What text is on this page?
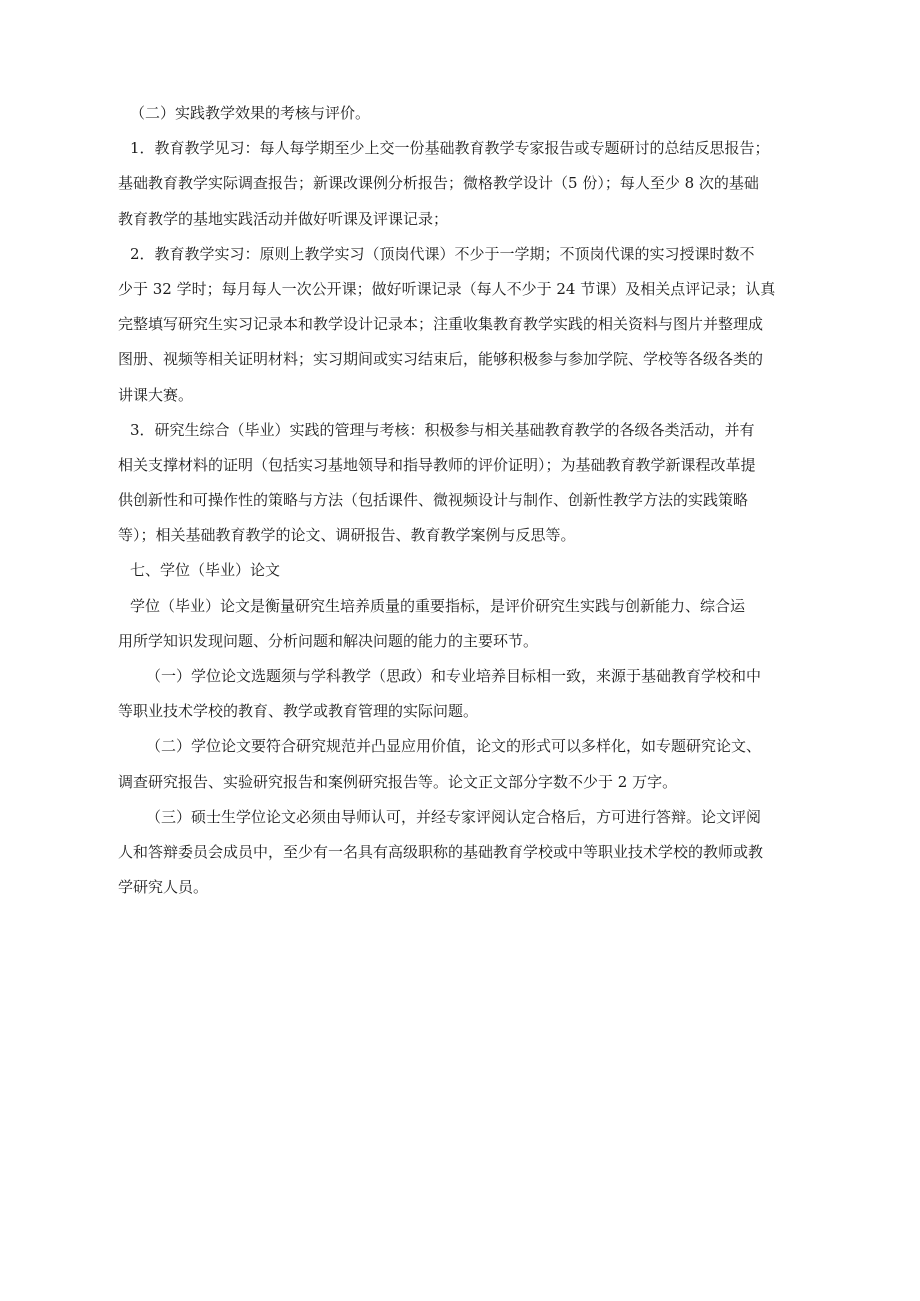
（二）实践教学效果的考核与评价。
1．教育教学见习：每人每学期至少上交一份基础教育教学专家报告或专题研讨的总结反思报告；
基础教育教学实际调查报告；新课改课例分析报告；微格教学设计（5 份）；每人至少 8 次的基础
教育教学的基地实践活动并做好听课及评课记录；
2．教育教学实习：原则上教学实习（顶岗代课）不少于一学期；不顶岗代课的实习授课时数不
少于 32 学时；每月每人一次公开课；做好听课记录（每人不少于 24 节课）及相关点评记录；认真
完整填写研究生实习记录本和教学设计记录本；注重收集教育教学实践的相关资料与图片并整理成
图册、视频等相关证明材料；实习期间或实习结束后，能够积极参与参加学院、学校等各级各类的
讲课大赛。
3．研究生综合（毕业）实践的管理与考核：积极参与相关基础教育教学的各级各类活动，并有
相关支撑材料的证明（包括实习基地领导和指导教师的评价证明）；为基础教育教学新课程改革提
供创新性和可操作性的策略与方法（包括课件、微视频设计与制作、创新性教学方法的实践策略
等）；相关基础教育教学的论文、调研报告、教育教学案例与反思等。
七、学位（毕业）论文
学位（毕业）论文是衡量研究生培养质量的重要指标，是评价研究生实践与创新能力、综合运
用所学知识发现问题、分析问题和解决问题的能力的主要环节。
（一）学位论文选题须与学科教学（思政）和专业培养目标相一致，来源于基础教育学校和中
等职业技术学校的教育、教学或教育管理的实际问题。
（二）学位论文要符合研究规范并凸显应用价值，论文的形式可以多样化，如专题研究论文、
调查研究报告、实验研究报告和案例研究报告等。论文正文部分字数不少于 2 万字。
（三）硕士生学位论文必须由导师认可，并经专家评阅认定合格后，方可进行答辩。论文评阅
人和答辩委员会成员中，至少有一名具有高级职称的基础教育学校或中等职业技术学校的教师或教
学研究人员。
